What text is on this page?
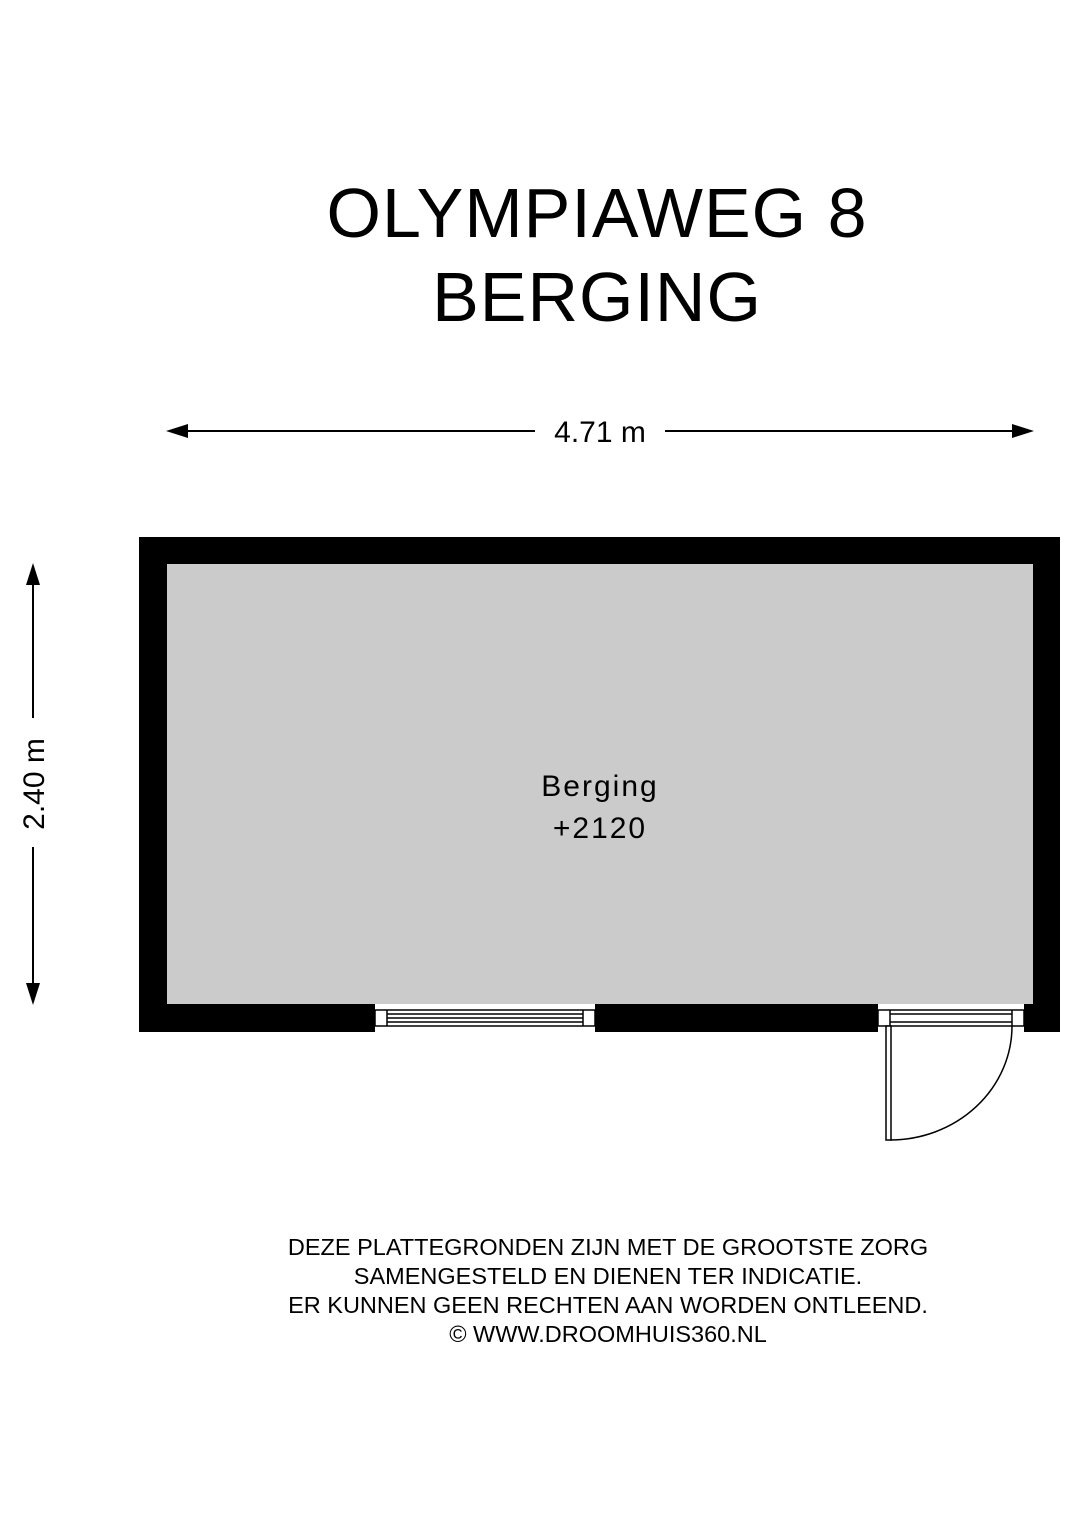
OLYMPIAWEG 8
BERGING
4.71 m
2.40 m	Berging
+2120
DEZE PLATTEGRONDEN ZIJN MET DE GROOTSTE ZORG
SAMENGESTELD EN DIENEN TER INDICATIE.
ER KUNNEN GEEN RECHTEN AAN WORDEN ONTLEEND.
© WWW.DROOMHUIS360.NL
